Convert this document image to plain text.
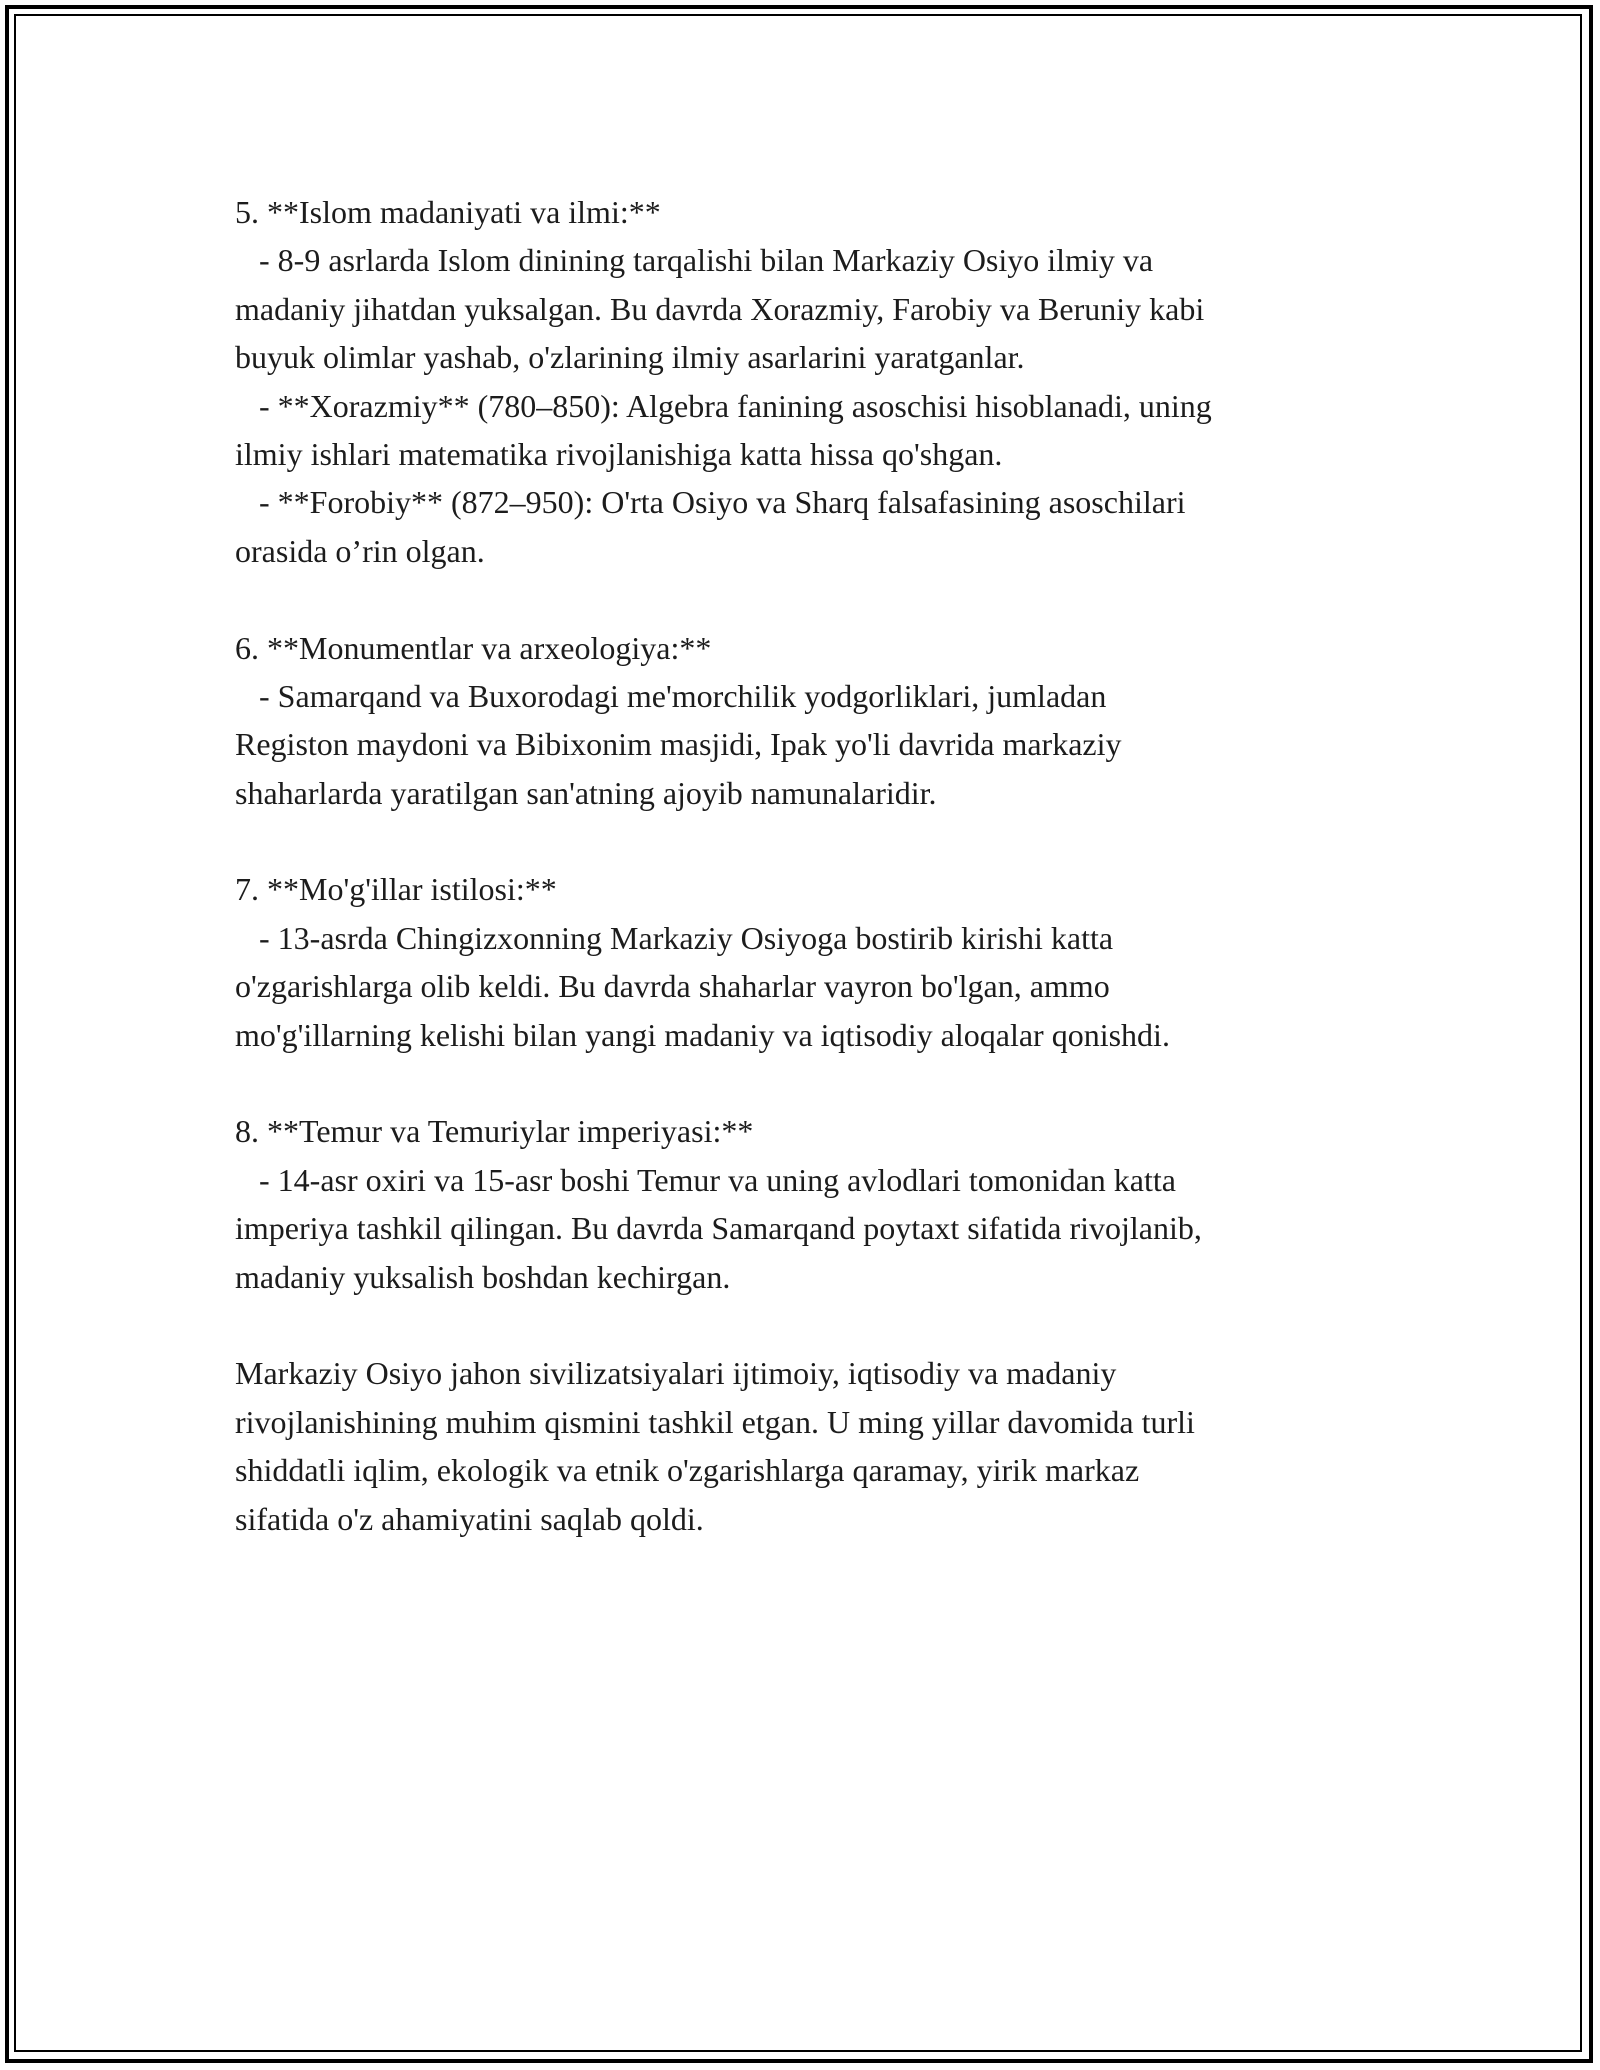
5. **Islom madaniyati va ilmi:**
- 8-9 asrlarda Islom dinining tarqalishi bilan Markaziy Osiyo ilmiy va
madaniy jihatdan yuksalgan. Bu davrda Xorazmiy, Farobiy va Beruniy kabi
buyuk olimlar yashab, o'zlarining ilmiy asarlarini yaratganlar.
- **Xorazmiy** (780–850): Algebra fanining asoschisi hisoblanadi, uning
ilmiy ishlari matematika rivojlanishiga katta hissa qo'shgan.
- **Forobiy** (872–950): O'rta Osiyo va Sharq falsafasining asoschilari
orasida o’rin olgan.
6. **Monumentlar va arxeologiya:**
- Samarqand va Buxorodagi me'morchilik yodgorliklari, jumladan
Registon maydoni va Bibixonim masjidi, Ipak yo'li davrida markaziy
shaharlarda yaratilgan san'atning ajoyib namunalaridir.
7. **Mo'g'illar istilosi:**
- 13-asrda Chingizxonning Markaziy Osiyoga bostirib kirishi katta
o'zgarishlarga olib keldi. Bu davrda shaharlar vayron bo'lgan, ammo
mo'g'illarning kelishi bilan yangi madaniy va iqtisodiy aloqalar qonishdi.
8. **Temur va Temuriylar imperiyasi:**
- 14-asr oxiri va 15-asr boshi Temur va uning avlodlari tomonidan katta
imperiya tashkil qilingan. Bu davrda Samarqand poytaxt sifatida rivojlanib,
madaniy yuksalish boshdan kechirgan.
Markaziy Osiyo jahon sivilizatsiyalari ijtimoiy, iqtisodiy va madaniy
rivojlanishining muhim qismini tashkil etgan. U ming yillar davomida turli
shiddatli iqlim, ekologik va etnik o'zgarishlarga qaramay, yirik markaz
sifatida o'z ahamiyatini saqlab qoldi.
